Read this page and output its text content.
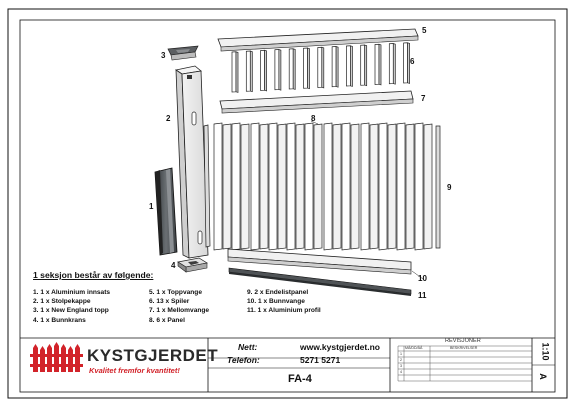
5
6
7
8
3
2
1
4
9
10
11
1 seksjon består av følgende:
1. 1 x Aluminium innsats
2. 1 x Stolpekappe
3. 1 x New England topp
4. 1 x Bunnkrans
5. 1 x Toppvange
6. 13 x Spiler
7. 1 x Mellomvange
8. 6 x Panel
9. 2 x Endelistpanel
10. 1 x Bunnvange
11. 1 x Aluminium profil
KYSTGJERDET
Kvalitet fremfor kvantitet!
Nett:	www.kystgjerdet.no
Telefon:	5271 5271
FA-4
REVISJONER
MÅ/DD/ÅÅ	BESKRIVELSER
1
2
3
4
1:10
A
